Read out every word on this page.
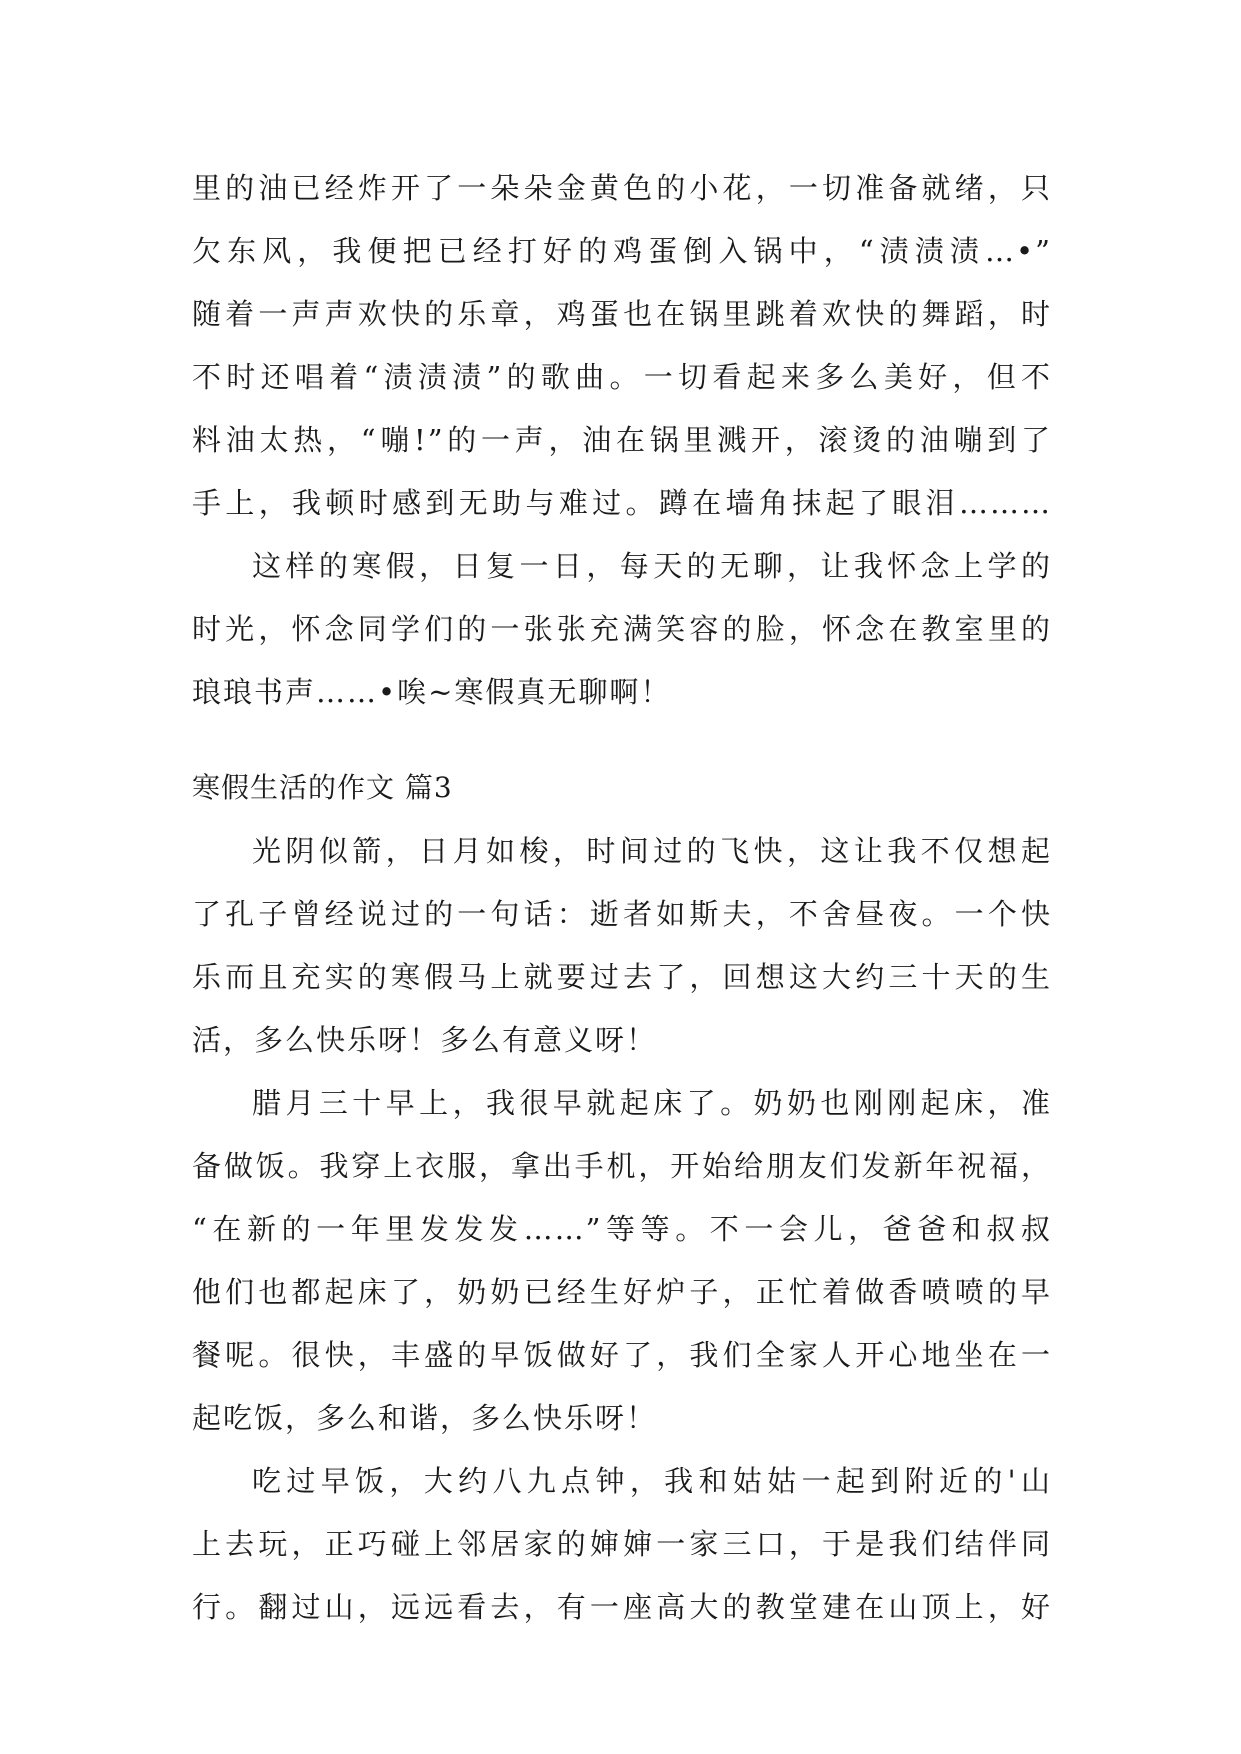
里的油已经炸开了一朵朵金黄色的小花，一切准备就绪，只
欠东风，我便把已经打好的鸡蛋倒入锅中，“渍渍渍…•”
随着一声声欢快的乐章，鸡蛋也在锅里跳着欢快的舞蹈，时
不时还唱着“渍渍渍”的歌曲。一切看起来多么美好，但不
料油太热，“嘣!”的一声，油在锅里溅开，滚烫的油嘣到了
手上，我顿时感到无助与难过。蹲在墙角抹起了眼泪………
这样的寒假，日复一日，每天的无聊，让我怀念上学的
时光，怀念同学们的一张张充满笑容的脸，怀念在教室里的
琅琅书声……•唉~寒假真无聊啊！
寒假生活的作文 篇3
光阴似箭，日月如梭，时间过的飞快，这让我不仅想起
了孔子曾经说过的一句话：逝者如斯夫，不舍昼夜。一个快
乐而且充实的寒假马上就要过去了，回想这大约三十天的生
活，多么快乐呀！多么有意义呀！
腊月三十早上，我很早就起床了。奶奶也刚刚起床，准
备做饭。我穿上衣服，拿出手机，开始给朋友们发新年祝福，
“在新的一年里发发发……”等等。不一会儿，爸爸和叔叔
他们也都起床了，奶奶已经生好炉子，正忙着做香喷喷的早
餐呢。很快，丰盛的早饭做好了，我们全家人开心地坐在一
起吃饭，多么和谐，多么快乐呀！
吃过早饭，大约八九点钟，我和姑姑一起到附近的'山
上去玩，正巧碰上邻居家的婶婶一家三口，于是我们结伴同
行。翻过山，远远看去，有一座高大的教堂建在山顶上，好
